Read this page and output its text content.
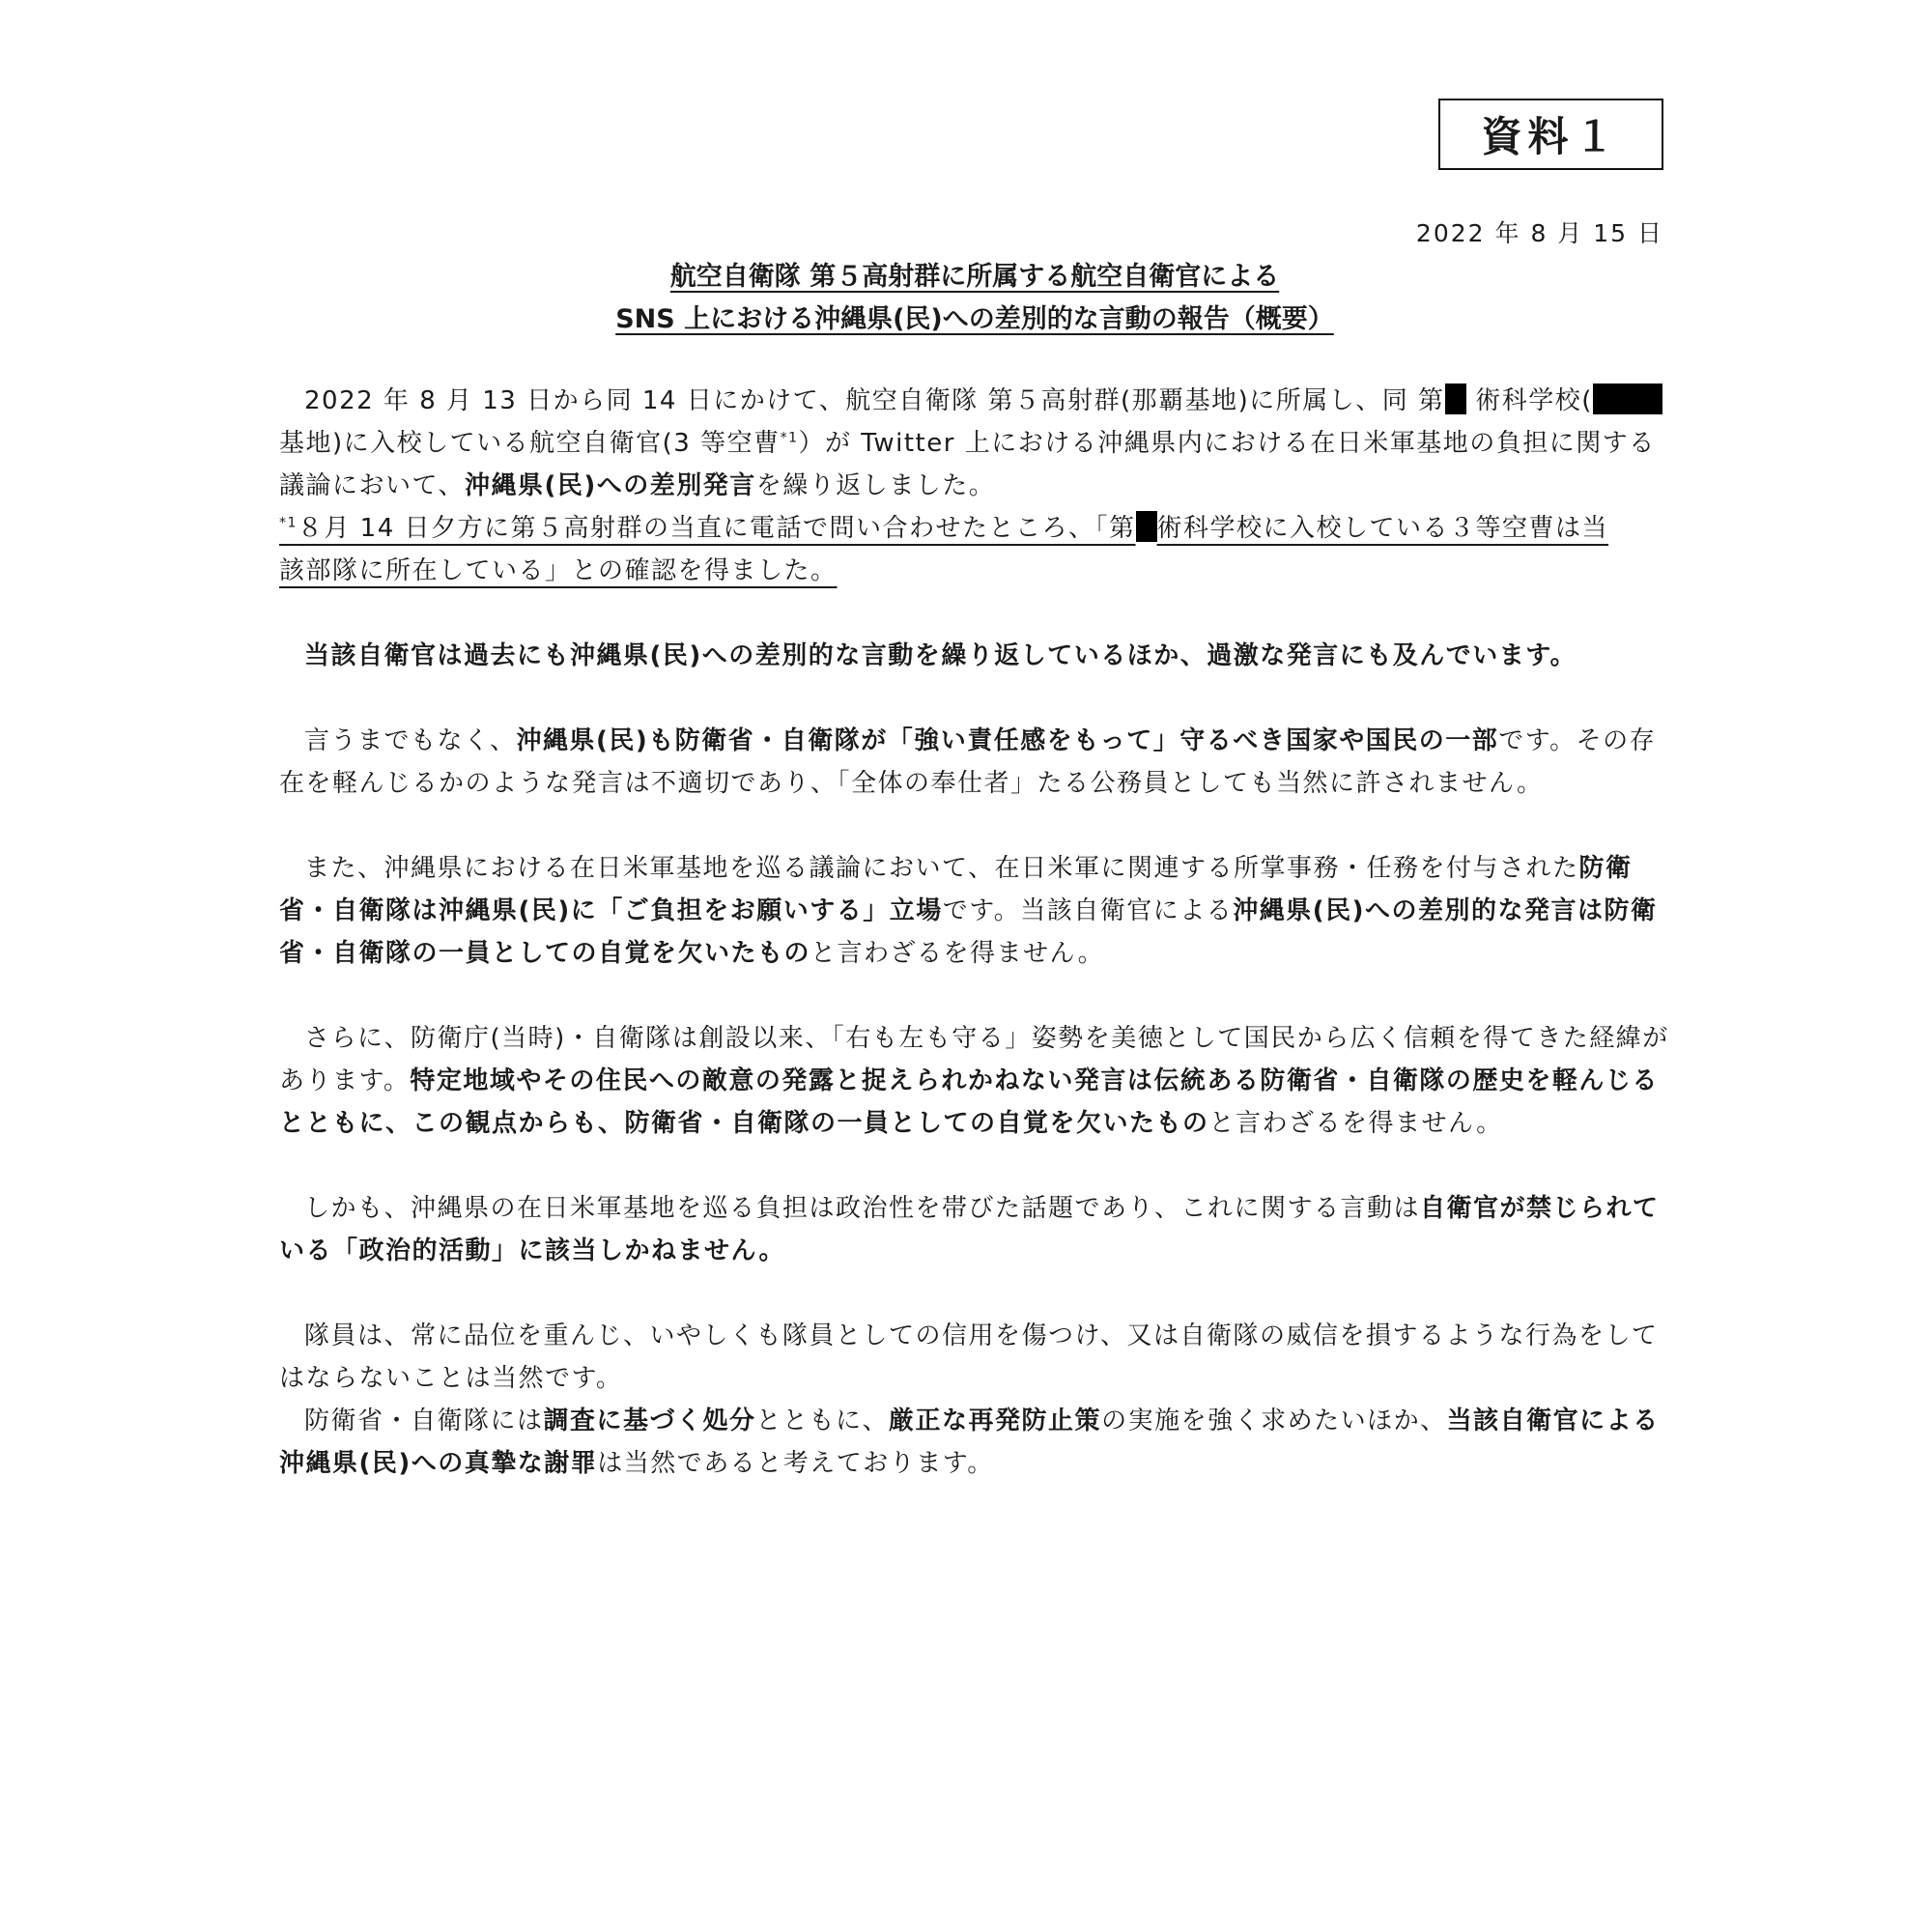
資料１
2022 年 8 月 15 日

航空自衛隊 第５高射群に所属する航空自衛官による

SNS 上における沖縄県(民)への差別的な言動の報告（概要）

2022 年 8 月 13 日から同 14 日にかけて、航空自衛隊 第５高射群(那覇基地)に所属し、同 第 術科学校(基地)に入校している航空自衛官(3 等空曹$^{*1}$）が Twitter 上における沖縄県内における在日米軍基地の負担に関する議論において、沖縄県(民)への差別発言を繰り返しました。

$^{*1}$８月 14 日夕方に第５高射群の当直に電話で問い合わせたところ、「第 術科学校に入校している３等空曹は当該部隊に所在している」との確認を得ました。

当該自衛官は過去にも沖縄県(民)への差別的な言動を繰り返しているほか、過激な発言にも及んでいます。

言うまでもなく、沖縄県(民)も防衛省・自衛隊が「強い責任感をもって」守るべき国家や国民の一部です。その存在を軽んじるかのような発言は不適切であり、「全体の奉仕者」たる公務員としても当然に許されません。

また、沖縄県における在日米軍基地を巡る議論において、在日米軍に関連する所掌事務・任務を付与された防衛省・自衛隊は沖縄県(民)に「ご負担をお願いする」立場です。当該自衛官による沖縄県(民)への差別的な発言は防衛省・自衛隊の一員としての自覚を欠いたものと言わざるを得ません。

さらに、防衛庁(当時)・自衛隊は創設以来、「右も左も守る」姿勢を美徳として国民から広く信頼を得てきた経緯があります。特定地域やその住民への敵意の発露と捉えられかねない発言は伝統ある防衛省・自衛隊の歴史を軽んじるとともに、この観点からも、防衛省・自衛隊の一員としての自覚を欠いたものと言わざるを得ません。

しかも、沖縄県の在日米軍基地を巡る負担は政治性を帯びた話題であり、これに関する言動は自衛官が禁じられている「政治的活動」に該当しかねません。

隊員は、常に品位を重んじ、いやしくも隊員としての信用を傷つけ、又は自衛隊の威信を損するような行為をしてはならないことは当然です。

防衛省・自衛隊には調査に基づく処分とともに、厳正な再発防止策の実施を強く求めたいほか、当該自衛官による沖縄県(民)への真摯な謝罪は当然であると考えております。
